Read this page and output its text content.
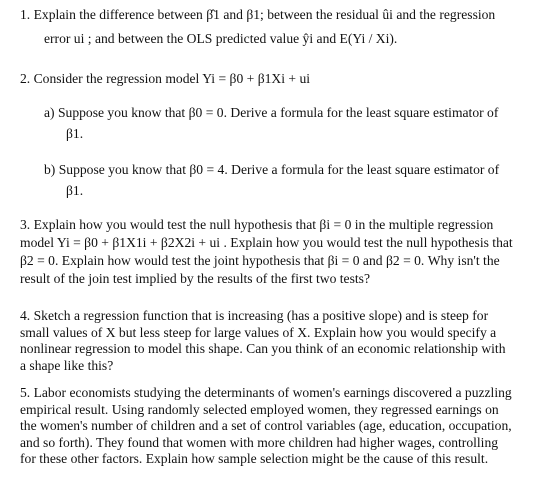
1. Explain the difference between β̂1 and β1; between the residual ûi and the regression
error ui ; and between the OLS predicted value ŷi and E(Yi / Xi).
2. Consider the regression model Yi = β0 + β1Xi + ui
a) Suppose you know that β0 = 0. Derive a formula for the least square estimator of
β1.
b) Suppose you know that β0 = 4. Derive a formula for the least square estimator of
β1.
3. Explain how you would test the null hypothesis that βi = 0 in the multiple regression
model Yi = β0 + β1X1i + β2X2i + ui . Explain how you would test the null hypothesis that
β2 = 0. Explain how would test the joint hypothesis that βi = 0 and β2 = 0. Why isn't the
result of the join test implied by the results of the first two tests?
4. Sketch a regression function that is increasing (has a positive slope) and is steep for
small values of X but less steep for large values of X. Explain how you would specify a
nonlinear regression to model this shape. Can you think of an economic relationship with
a shape like this?
5. Labor economists studying the determinants of women's earnings discovered a puzzling
empirical result. Using randomly selected employed women, they regressed earnings on
the women's number of children and a set of control variables (age, education, occupation,
and so forth). They found that women with more children had higher wages, controlling
for these other factors. Explain how sample selection might be the cause of this result.
